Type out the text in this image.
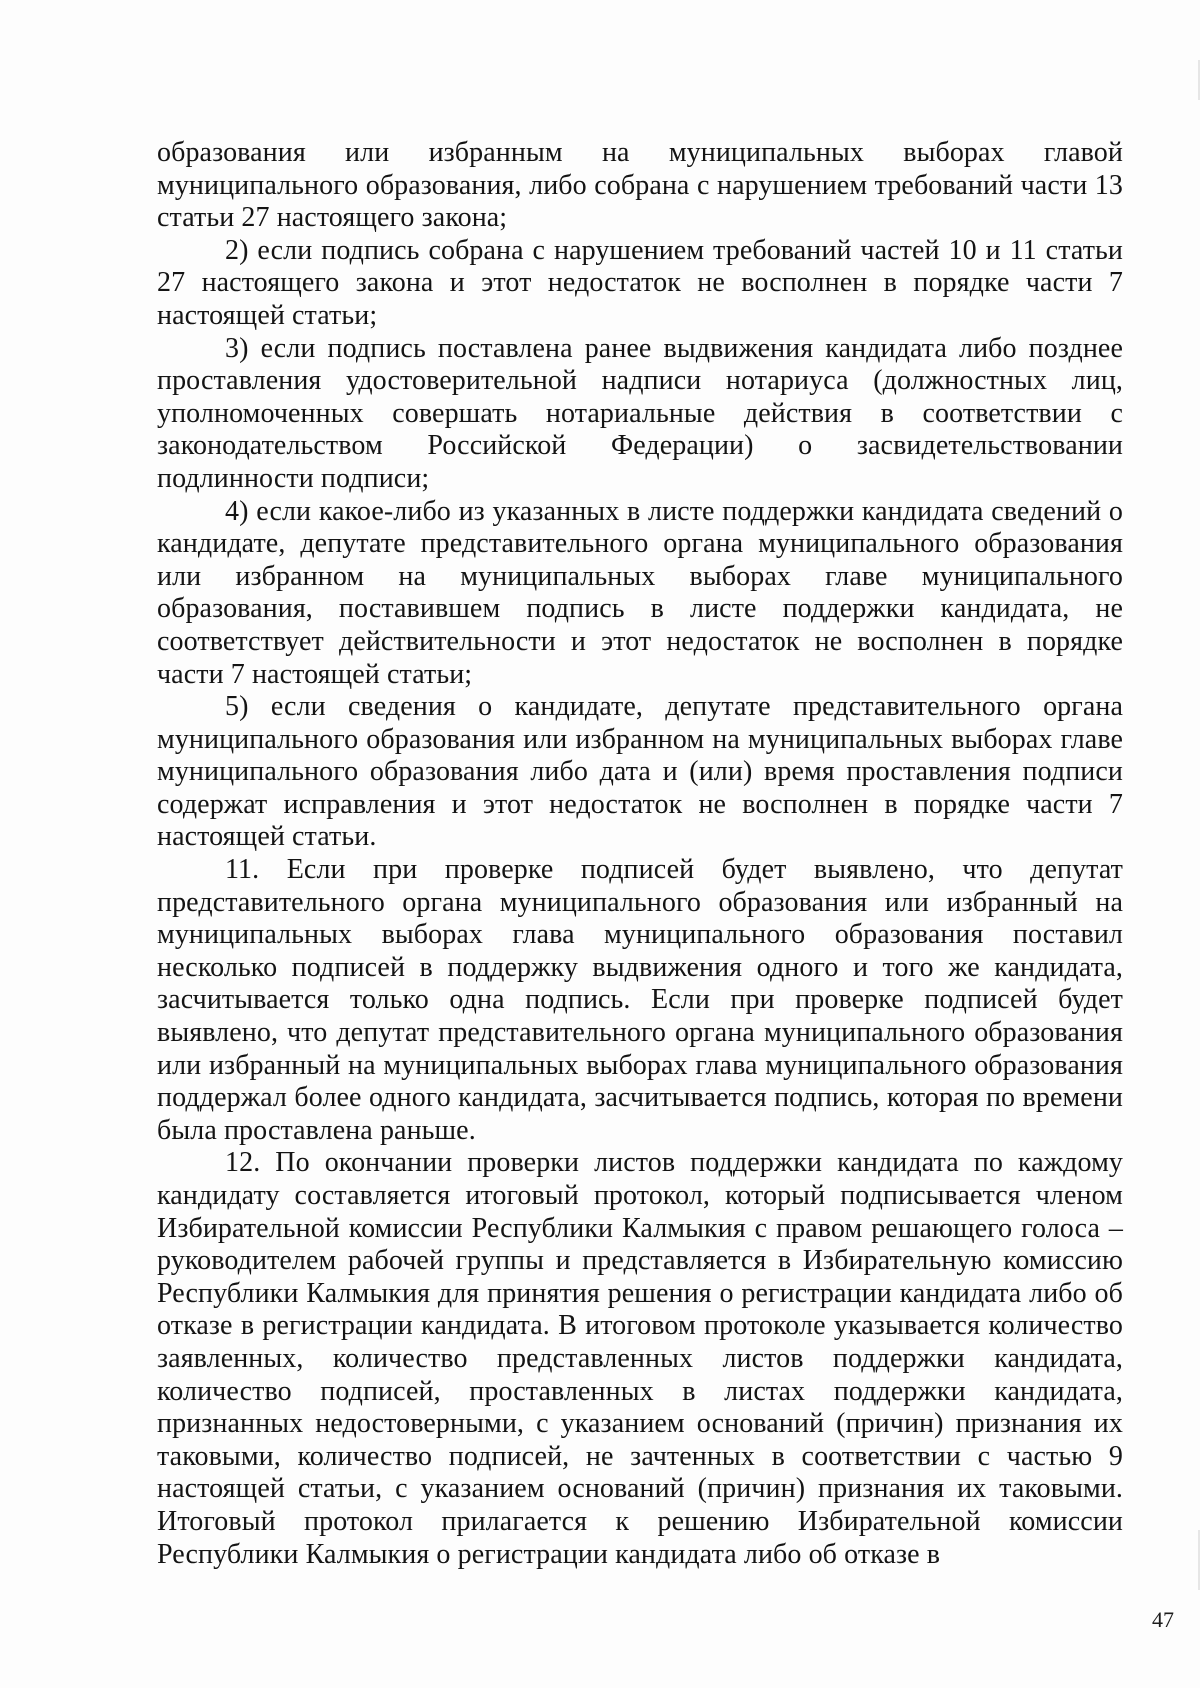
образования или избранным на муниципальных выборах главой муниципального образования, либо собрана с нарушением требований части 13 статьи 27 настоящего закона;

2) если подпись собрана с нарушением требований частей 10 и 11 статьи 27 настоящего закона и этот недостаток не восполнен в порядке части 7 настоящей статьи;

3) если подпись поставлена ранее выдвижения кандидата либо позднее проставления удостоверительной надписи нотариуса (должностных лиц, уполномоченных совершать нотариальные действия в соответствии с законодательством Российской Федерации) о засвидетельствовании подлинности подписи;

4) если какое-либо из указанных в листе поддержки кандидата сведений о кандидате, депутате представительного органа муниципального образования или избранном на муниципальных выборах главе муниципального образования, поставившем подпись в листе поддержки кандидата, не соответствует действительности и этот недостаток не восполнен в порядке части 7 настоящей статьи;

5) если сведения о кандидате, депутате представительного органа муниципального образования или избранном на муниципальных выборах главе муниципального образования либо дата и (или) время проставления подписи содержат исправления и этот недостаток не восполнен в порядке части 7 настоящей статьи.

11. Если при проверке подписей будет выявлено, что депутат представительного органа муниципального образования или избранный на муниципальных выборах глава муниципального образования поставил несколько подписей в поддержку выдвижения одного и того же кандидата, засчитывается только одна подпись. Если при проверке подписей будет выявлено, что депутат представительного органа муниципального образования или избранный на муниципальных выборах глава муниципального образования поддержал более одного кандидата, засчитывается подпись, которая по времени была проставлена раньше.

12. По окончании проверки листов поддержки кандидата по каждому кандидату составляется итоговый протокол, который подписывается членом Избирательной комиссии Республики Калмыкия с правом решающего голоса – руководителем рабочей группы и представляется в Избирательную комиссию Республики Калмыкия для принятия решения о регистрации кандидата либо об отказе в регистрации кандидата. В итоговом протоколе указывается количество заявленных, количество представленных листов поддержки кандидата, количество подписей, проставленных в листах поддержки кандидата, признанных недостоверными, с указанием оснований (причин) признания их таковыми, количество подписей, не зачтенных в соответствии с частью 9 настоящей статьи, с указанием оснований (причин) признания их таковыми. Итоговый протокол прилагается к решению Избирательной комиссии Республики Калмыкия о регистрации кандидата либо об отказе в

47
